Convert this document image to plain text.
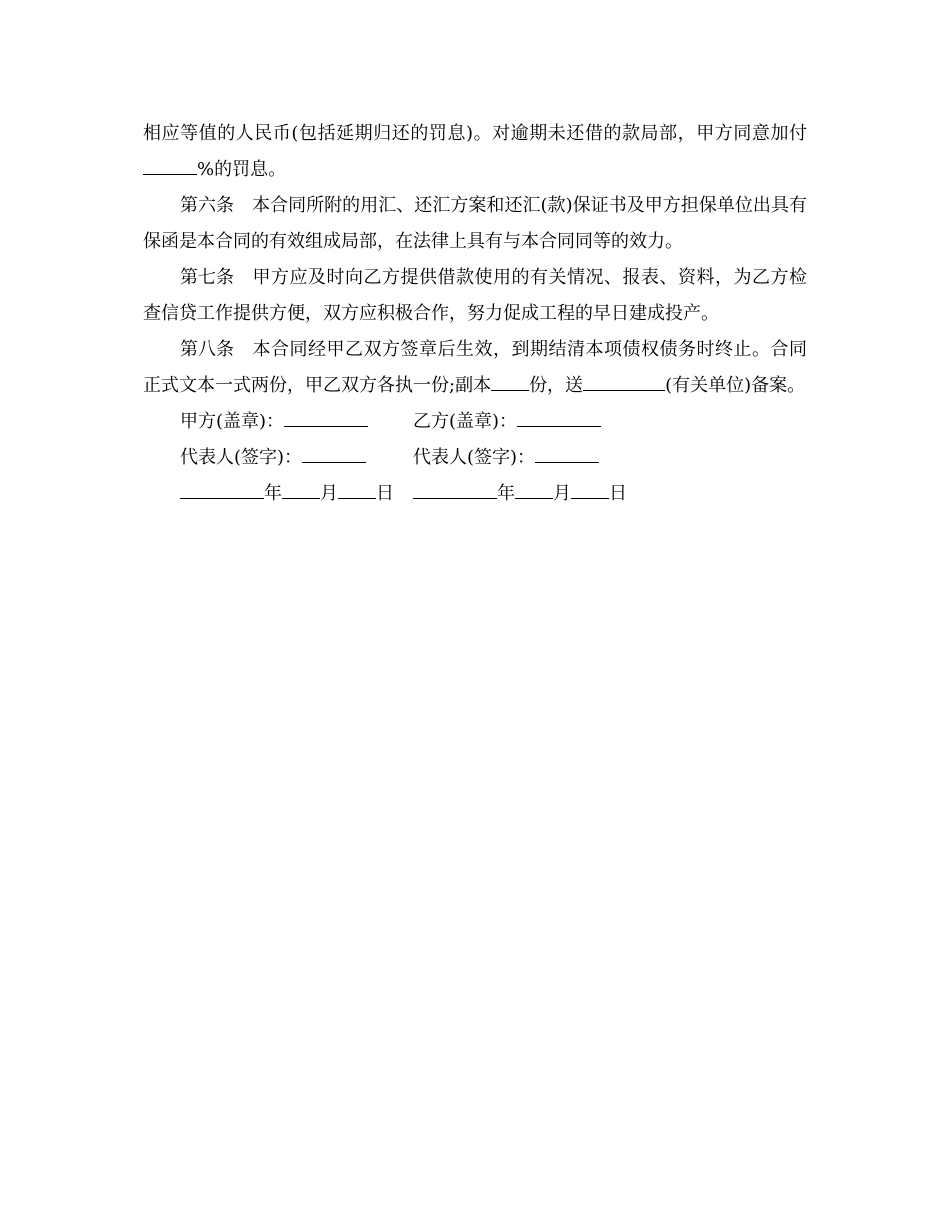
相应等值的人民币(包括延期归还的罚息)。对逾期未还借的款局部，甲方同意加付%的罚息。

第六条 本合同所附的用汇、还汇方案和还汇(款)保证书及甲方担保单位出具有保函是本合同的有效组成局部，在法律上具有与本合同同等的效力。

第七条 甲方应及时向乙方提供借款使用的有关情况、报表、资料，为乙方检查信贷工作提供方便，双方应积极合作，努力促成工程的早日建成投产。

第八条 本合同经甲乙双方签章后生效，到期结清本项债权债务时终止。合同正式文本一式两份，甲乙双方各执一份;副本 份，送	(有关单位)备案。

甲方(盖章)：	乙方(盖章)：
代表人(签字)：	代表人(签字)：
年 月 日	年 月 日
